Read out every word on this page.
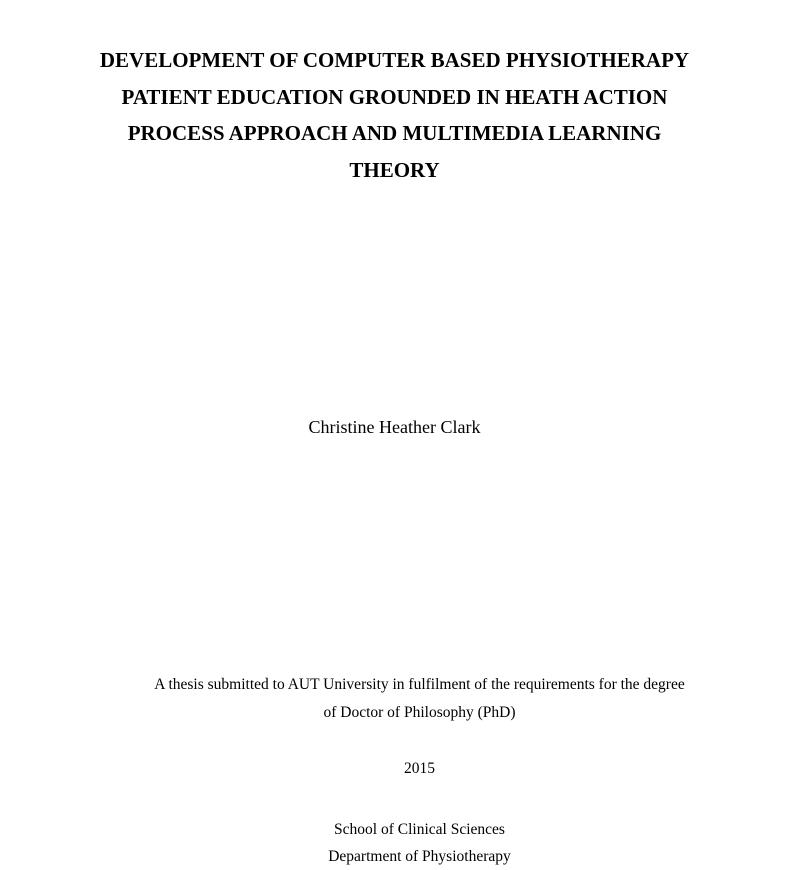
DEVELOPMENT OF COMPUTER BASED PHYSIOTHERAPY
PATIENT EDUCATION GROUNDED IN HEATH ACTION
PROCESS APPROACH AND MULTIMEDIA LEARNING
THEORY
Christine Heather Clark
A thesis submitted to AUT University in fulfilment of the requirements for the degree
of Doctor of Philosophy (PhD)
2015
School of Clinical Sciences
Department of Physiotherapy
